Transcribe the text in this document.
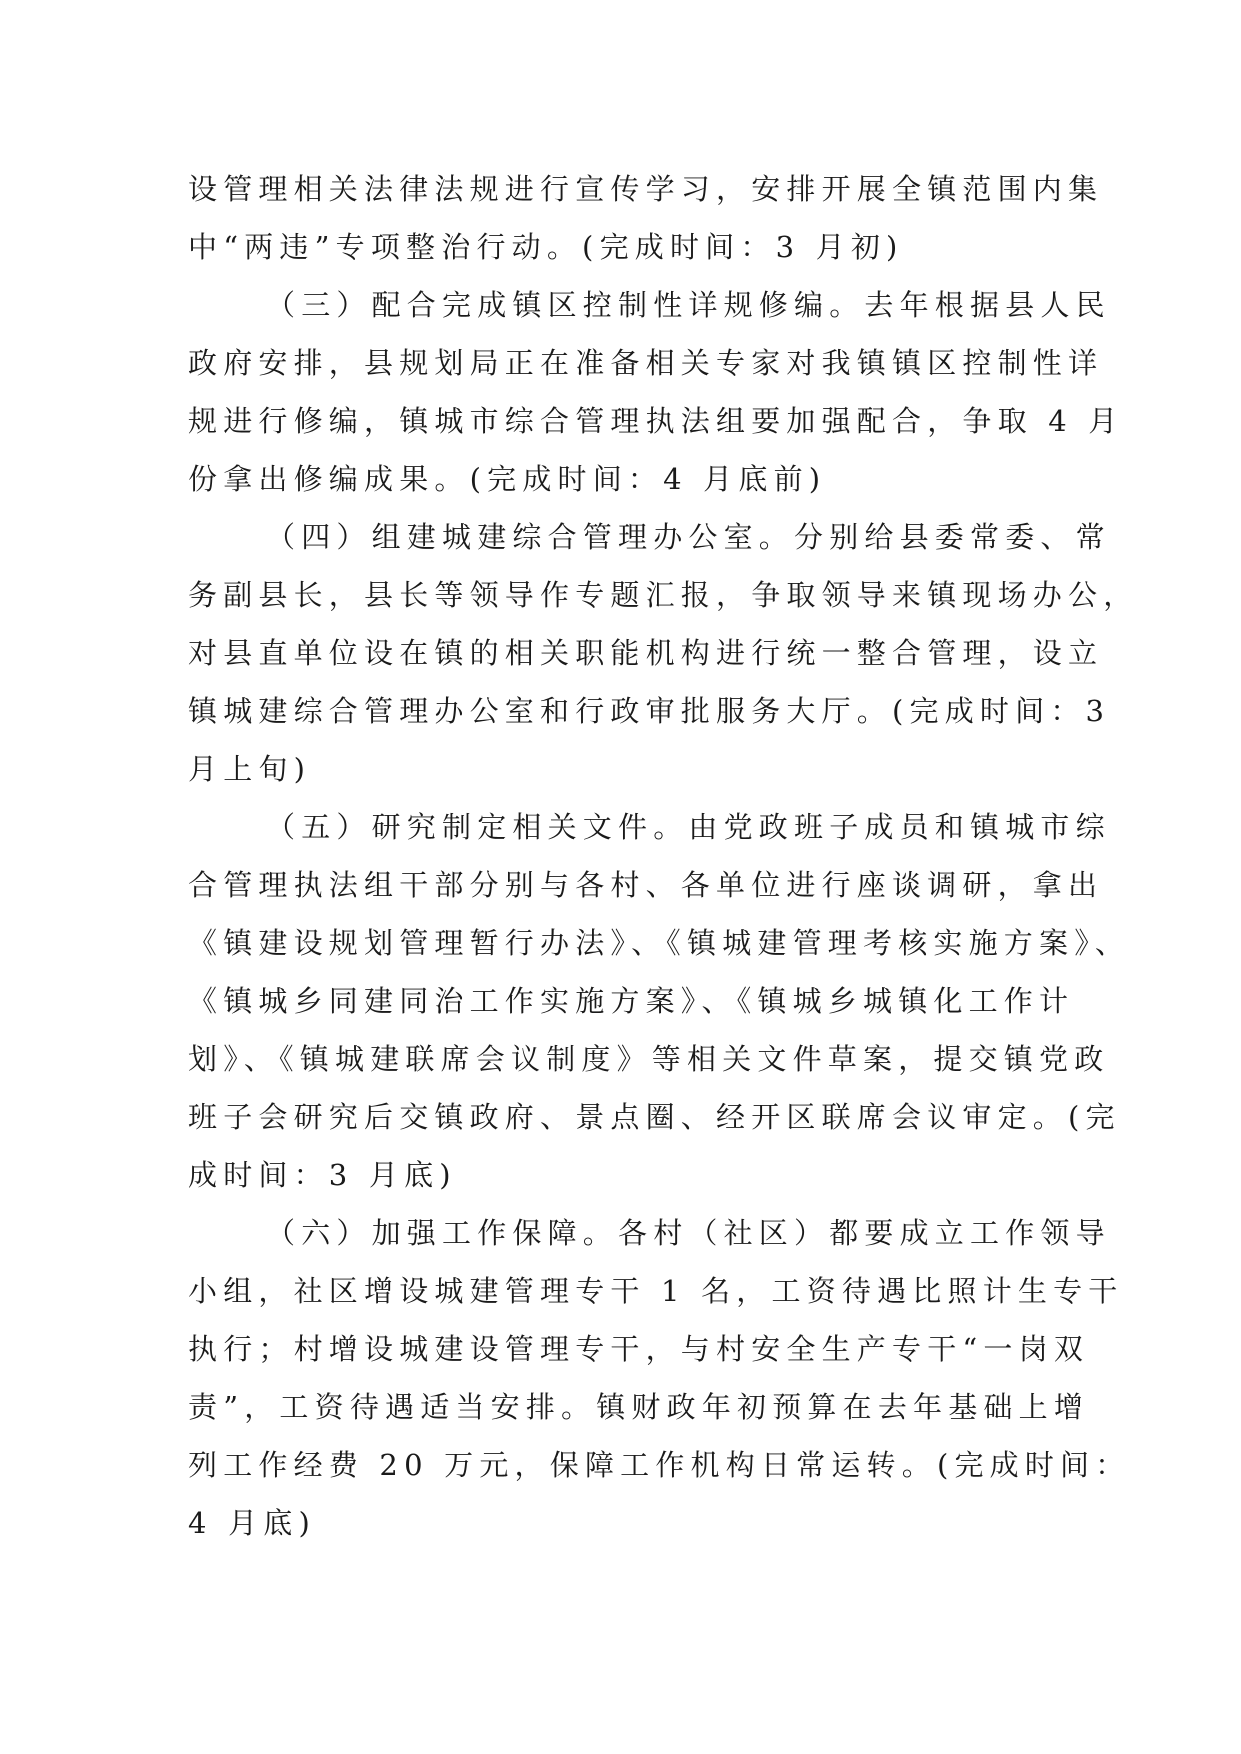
设管理相关法律法规进行宣传学习，安排开展全镇范围内集
中“两违”专项整治行动。(完成时间：3 月初)
（三）配合完成镇区控制性详规修编。去年根据县人民
政府安排，县规划局正在准备相关专家对我镇镇区控制性详
规进行修编，镇城市综合管理执法组要加强配合，争取 4 月
份拿出修编成果。(完成时间：4 月底前)
（四）组建城建综合管理办公室。分别给县委常委、常
务副县长，县长等领导作专题汇报，争取领导来镇现场办公，
对县直单位设在镇的相关职能机构进行统一整合管理，设立
镇城建综合管理办公室和行政审批服务大厅。(完成时间：3
月上旬)
（五）研究制定相关文件。由党政班子成员和镇城市综
合管理执法组干部分别与各村、各单位进行座谈调研，拿出
《镇建设规划管理暂行办法》、《镇城建管理考核实施方案》、
《镇城乡同建同治工作实施方案》、《镇城乡城镇化工作计
划》、《镇城建联席会议制度》等相关文件草案，提交镇党政
班子会研究后交镇政府、景点圈、经开区联席会议审定。(完
成时间：3 月底)
（六）加强工作保障。各村（社区）都要成立工作领导
小组，社区增设城建管理专干 1 名，工资待遇比照计生专干
执行；村增设城建设管理专干，与村安全生产专干“一岗双
责”，工资待遇适当安排。镇财政年初预算在去年基础上增
列工作经费 20 万元，保障工作机构日常运转。(完成时间：
4 月底)
